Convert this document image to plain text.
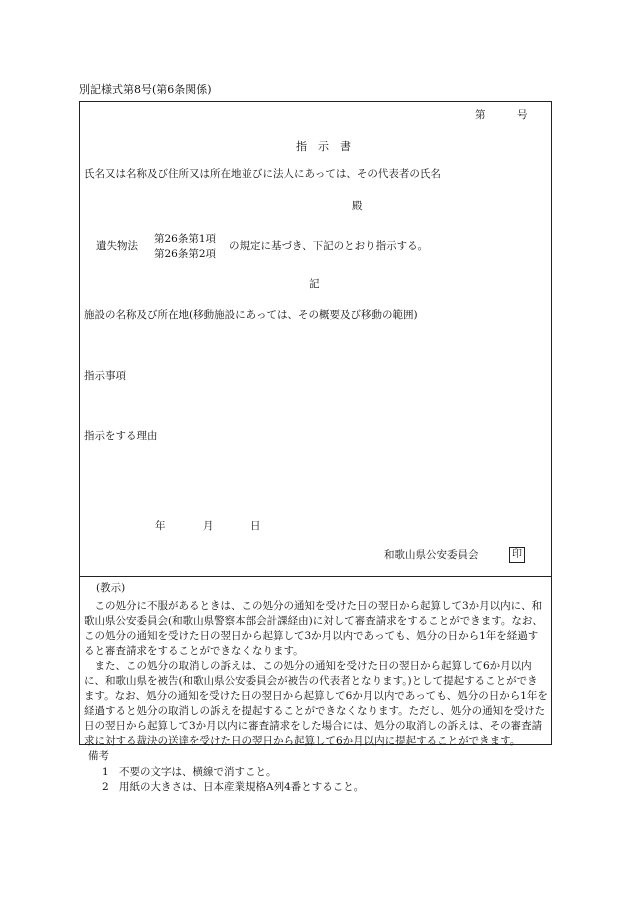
別記様式第8号(第6条関係)
第　　　号
指　示　書
氏名又は名称及び住所又は所在地並びに法人にあっては、その代表者の氏名
殿
遺失物法
第26条第1項
第26条第2項
の規定に基づき、下記のとおり指示する。
記
施設の名称及び所在地(移動施設にあっては、その概要及び移動の範囲)
指示事項
指示をする理由
年	月	日
和歌山県公安委員会	印
(教示)

この処分に不服があるときは、この処分の通知を受けた日の翌日から起算して3か月以内に、和歌山県公安委員会(和歌山県警察本部会計課経由)に対して審査請求をすることができます。なお、この処分の通知を受けた日の翌日から起算して3か月以内であっても、処分の日から1年を経過すると審査請求をすることができなくなります。

また、この処分の取消しの訴えは、この処分の通知を受けた日の翌日から起算して6か月以内に、和歌山県を被告(和歌山県公安委員会が被告の代表者となります。)として提起することができます。なお、処分の通知を受けた日の翌日から起算して6か月以内であっても、処分の日から1年を経過すると処分の取消しの訴えを提起することができなくなります。ただし、処分の通知を受けた日の翌日から起算して3か月以内に審査請求をした場合には、処分の取消しの訴えは、その審査請求に対する裁決の送達を受けた日の翌日から起算して6か月以内に提起することができます。

備考
1 不要の文字は、横線で消すこと。
2 用紙の大きさは、日本産業規格A列4番とすること。
